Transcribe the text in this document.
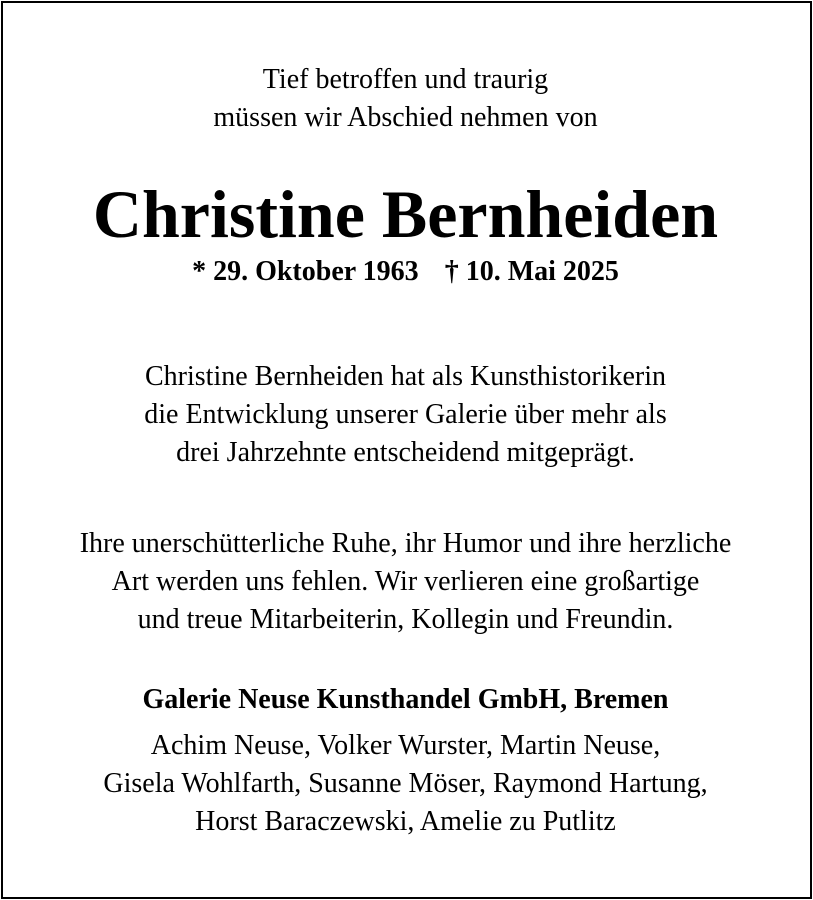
Tief betroffen und traurig
müssen wir Abschied nehmen von
Christine Bernheiden
* 29. Oktober 1963 † 10. Mai 2025
Christine Bernheiden hat als Kunsthistorikerin
die Entwicklung unserer Galerie über mehr als
drei Jahrzehnte entscheidend mitgeprägt.
Ihre unerschütterliche Ruhe, ihr Humor und ihre herzliche
Art werden uns fehlen. Wir verlieren eine großartige
und treue Mitarbeiterin, Kollegin und Freundin.
Galerie Neuse Kunsthandel GmbH, Bremen
Achim Neuse, Volker Wurster, Martin Neuse,
Gisela Wohlfarth, Susanne Möser, Raymond Hartung,
Horst Baraczewski, Amelie zu Putlitz
